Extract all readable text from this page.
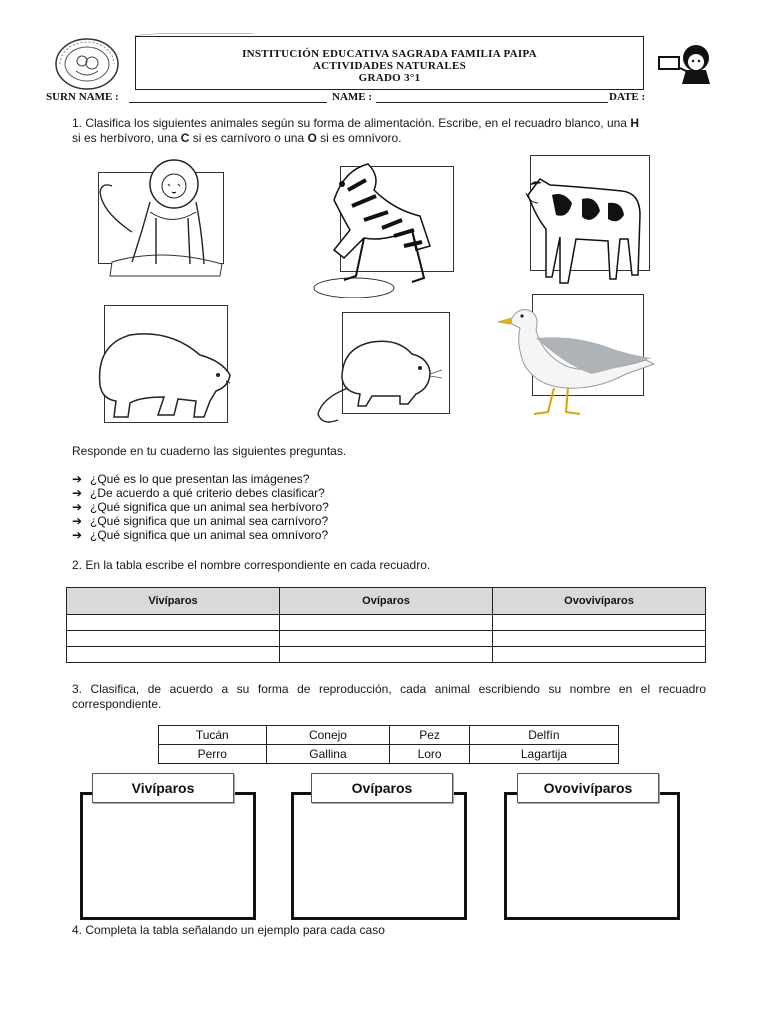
INSTITUCIÓN EDUCATIVA SAGRADA FAMILIA PAIPA
ACTIVIDADES NATURALES
GRADO 3°1
SURN NAME :	NAME :	DATE :
1. Clasifica los siguientes animales según su forma de alimentación. Escribe, en el recuadro blanco, una H
si es herbívoro, una C si es carnívoro o una O si es omnívoro.
Responde en tu cuaderno las siguientes preguntas.
➔ ¿Qué es lo que presentan las imágenes?
➔ ¿De acuerdo a qué criterio debes clasificar?
➔ ¿Qué significa que un animal sea herbívoro?
➔ ¿Qué significa que un animal sea carnívoro?
➔ ¿Qué significa que un animal sea omnívoro?
2. En la tabla escribe el nombre correspondiente en cada recuadro.
Vivíparos	Ovíparos	Ovovivíparos

3. Clasifica, de acuerdo a su forma de reproducción, cada animal escribiendo su nombre en el recuadro correspondiente.
Tucán	Conejo	Pez	Delfín
Perro	Gallina	Loro	Lagartija
Vivíparos	Ovíparos	Ovovivíparos
4. Completa la tabla señalando un ejemplo para cada caso
